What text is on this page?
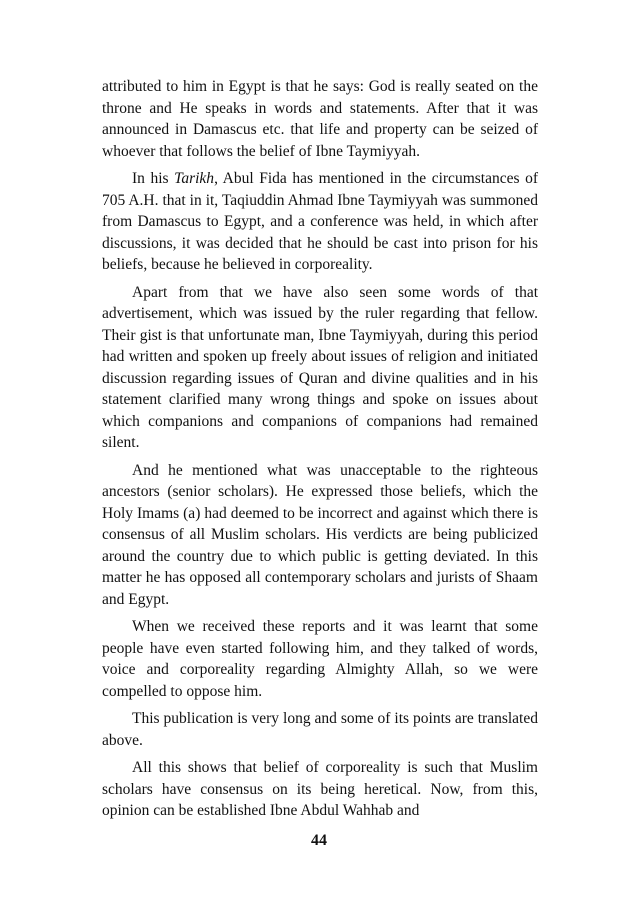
attributed to him in Egypt is that he says: God is really seated on the throne and He speaks in words and statements. After that it was announced in Damascus etc. that life and property can be seized of whoever that follows the belief of Ibne Taymiyyah.

In his Tarikh, Abul Fida has mentioned in the circumstances of 705 A.H. that in it, Taqiuddin Ahmad Ibne Taymiyyah was summoned from Damascus to Egypt, and a conference was held, in which after discussions, it was decided that he should be cast into prison for his beliefs, because he believed in corporeality.

Apart from that we have also seen some words of that advertisement, which was issued by the ruler regarding that fellow. Their gist is that unfortunate man, Ibne Taymiyyah, during this period had written and spoken up freely about issues of religion and initiated discussion regarding issues of Quran and divine qualities and in his statement clarified many wrong things and spoke on issues about which companions and companions of companions had remained silent.

And he mentioned what was unacceptable to the righteous ancestors (senior scholars). He expressed those beliefs, which the Holy Imams (a) had deemed to be incorrect and against which there is consensus of all Muslim scholars. His verdicts are being publicized around the country due to which public is getting deviated. In this matter he has opposed all contemporary scholars and jurists of Shaam and Egypt.

When we received these reports and it was learnt that some people have even started following him, and they talked of words, voice and corporeality regarding Almighty Allah, so we were compelled to oppose him.

This publication is very long and some of its points are translated above.

All this shows that belief of corporeality is such that Muslim scholars have consensus on its being heretical. Now, from this, opinion can be established Ibne Abdul Wahhab and

44
